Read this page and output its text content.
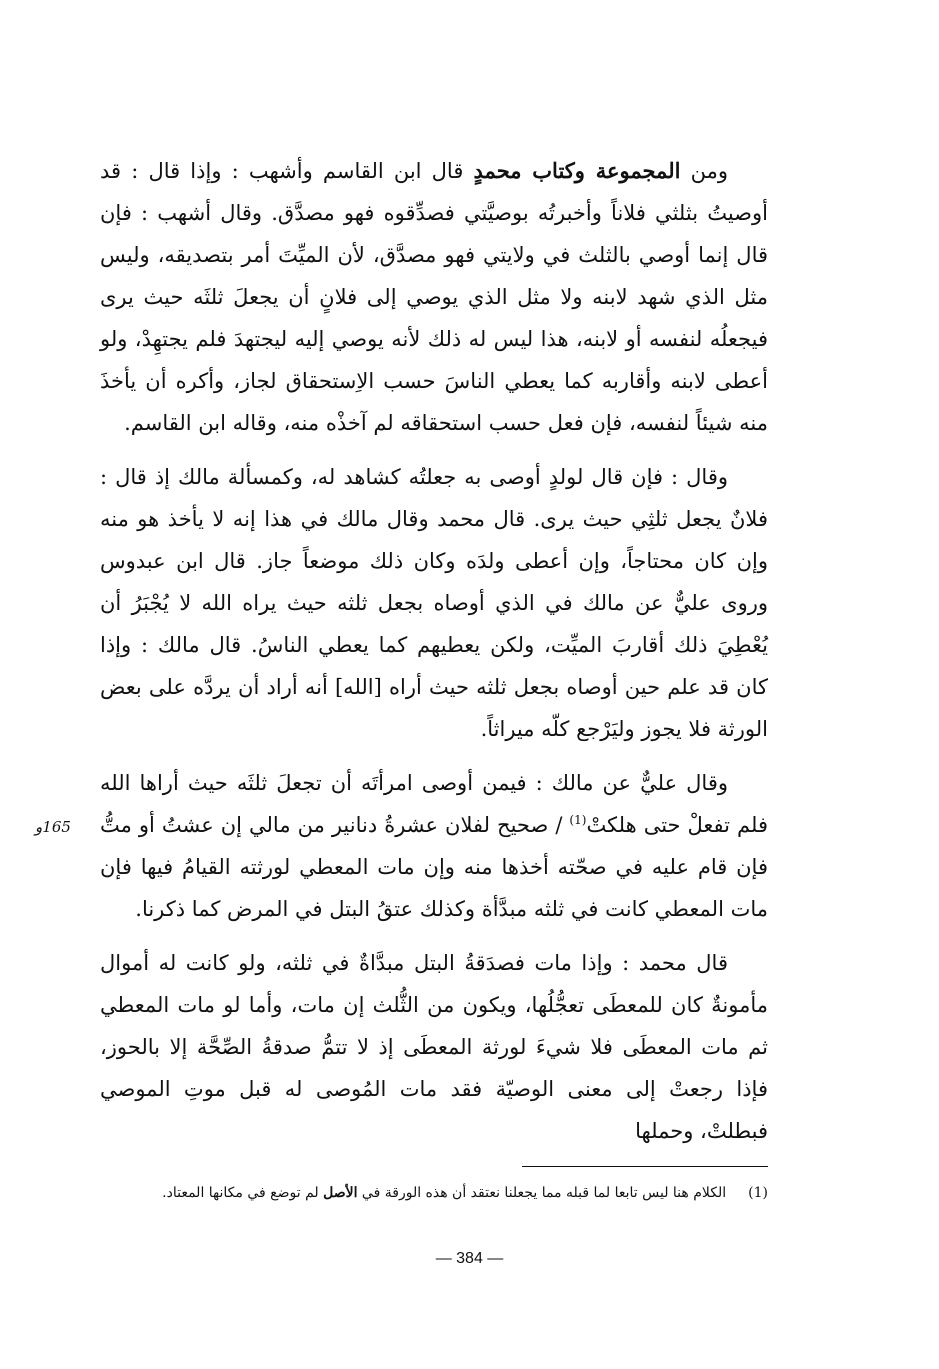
ومن المجموعة وكتاب محمدٍ قال ابن القاسم وأشهب : وإذا قال : قد أوصيتُ بثلثي فلاناً وأخبرتُه بوصيَّتي فصدِّقوه فهو مصدَّق. وقال أشهب : فإن قال إنما أوصي بالثلث في ولايتي فهو مصدَّق، لأن الميِّتَ أمر بتصديقه، وليس مثل الذي شهد لابنه ولا مثل الذي يوصي إلى فلانٍ أن يجعلَ ثلثَه حيث يرى فيجعلُه لنفسه أو لابنه، هذا ليس له ذلك لأنه يوصي إليه ليجتهدَ فلم يجتهِدْ، ولو أعطى لابنه وأقاربه كما يعطي الناسَ حسب الاِستحقاق لجاز، وأكره أن يأخذَ منه شيئاً لنفسه، فإن فعل حسب استحقاقه لم آخذْه منه، وقاله ابن القاسم.

وقال : فإن قال لولدٍ أوصى به جعلتُه كشاهد له، وكمسألة مالك إذ قال : فلانٌ يجعل ثلثِي حيث يرى. قال محمد وقال مالك في هذا إنه لا يأخذ هو منه وإن كان محتاجاً، وإن أعطى ولدَه وكان ذلك موضعاً جاز. قال ابن عبدوس وروى عليٌّ عن مالك في الذي أوصاه بجعل ثلثه حيث يراه الله لا يُجْبَرُ أن يُعْطِيَ ذلك أقاربَ الميِّت، ولكن يعطيهم كما يعطي الناسُ. قال مالك : وإذا كان قد علم حين أوصاه بجعل ثلثه حيث أراه [الله] أنه أراد أن يردَّه على بعض الورثة فلا يجوز وليَرْجع كلّه ميراثاً.

وقال عليٌّ عن مالك : فيمن أوصى امرأتَه أن تجعلَ ثلثَه حيث أراها الله فلم تفعلْ حتى هلكتْ$^{(1)}$ / صحيح لفلان عشرةُ دنانير من مالي إن عشتُ أو متُّ فإن قام عليه في صحّته أخذها منه وإن مات المعطي لورثته القيامُ فيها فإن مات المعطي كانت في ثلثه مبدَّأة وكذلك عتقُ البتل في المرض كما ذكرنا.

قال محمد : وإذا مات فصدَقةُ البتل مبدَّاةٌ في ثلثه، ولو كانت له أموال مأمونةٌ كان للمعطَى تعجُّلُها، ويكون من الثُّلث إن مات، وأما لو مات المعطي ثم مات المعطَى فلا شيءَ لورثة المعطَى إذ لا تتمُّ صدقةُ الصِّحَّة إلا بالحوز، فإذا رجعتْ إلى معنى الوصيّة فقد مات المُوصى له قبل موتِ الموصي فبطلتْ، وحملها

165و
(1)الكلام هنا ليس تابعا لما قبله مما يجعلنا نعتقد أن هذه الورقة في الأصل لم توضع في مكانها المعتاد.
— 384 —
